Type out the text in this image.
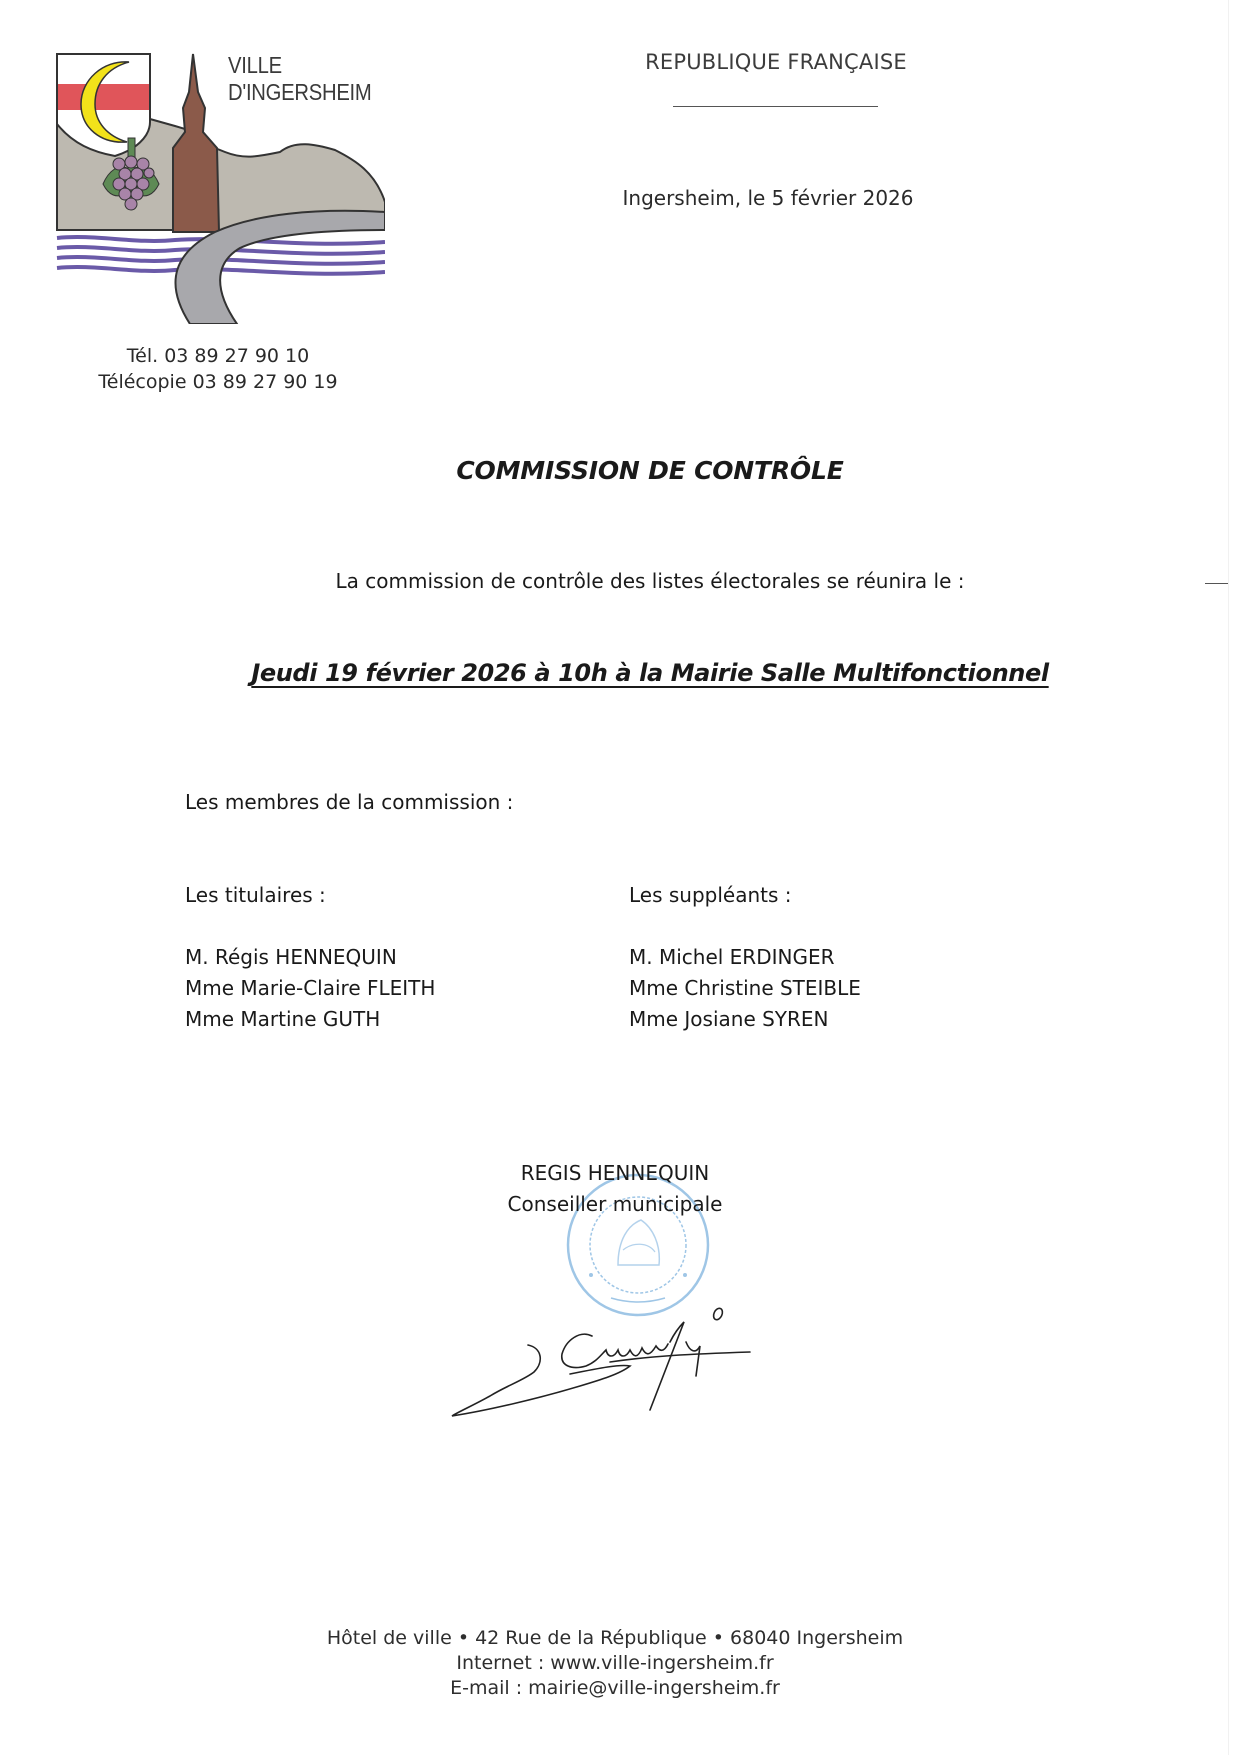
VILLE
D'INGERSHEIM
REPUBLIQUE FRANÇAISE
Ingersheim, le 5 février 2026
Tél. 03 89 27 90 10
Télécopie 03 89 27 90 19
COMMISSION DE CONTRÔLE
La commission de contrôle des listes électorales se réunira le :
Jeudi 19 février 2026 à 10h à la Mairie Salle Multifonctionnel
Les membres de la commission :
Les titulaires :
M. Régis HENNEQUIN
Mme Marie-Claire FLEITH
Mme Martine GUTH
Les suppléants :
M. Michel ERDINGER
Mme Christine STEIBLE
Mme Josiane SYREN
REGIS HENNEQUIN
Conseiller municipale
Hôtel de ville • 42 Rue de la République • 68040 Ingersheim
Internet : www.ville-ingersheim.fr
E-mail : mairie@ville-ingersheim.fr
